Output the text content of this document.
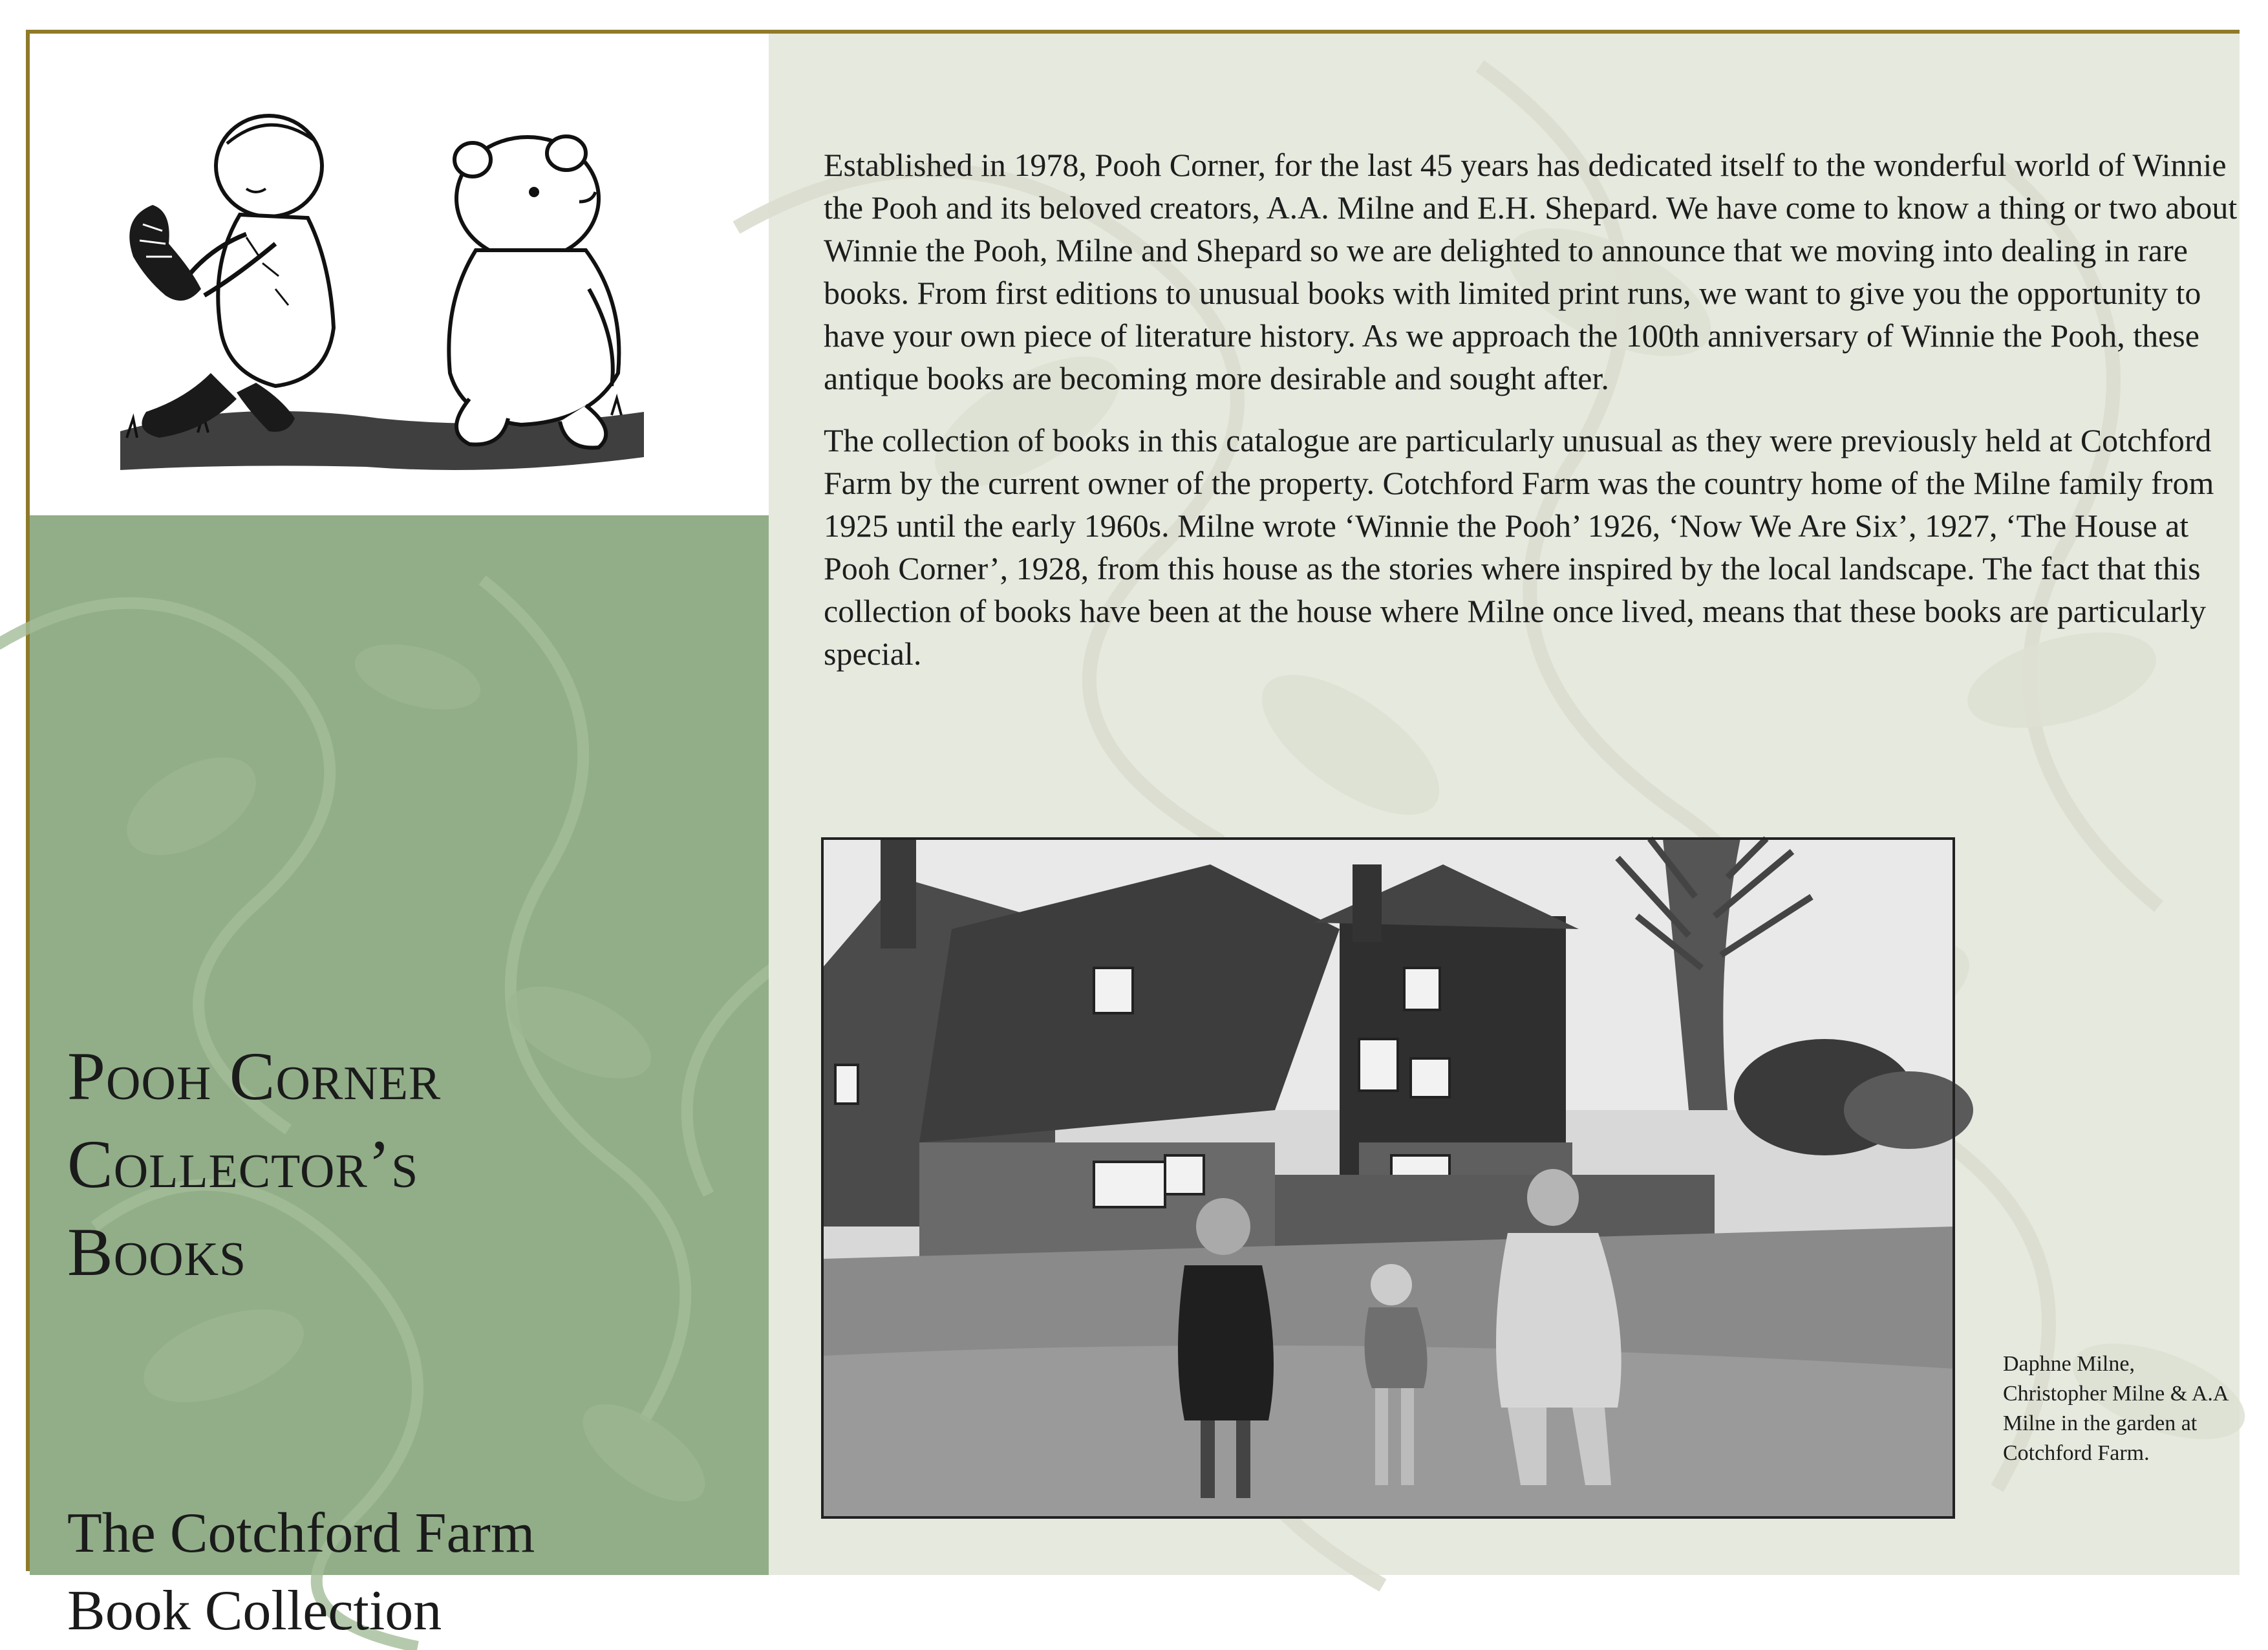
Pooh Corner
Collector’s
Books
The Cotchford Farm
Book Collection

Established in 1978, Pooh Corner, for the last 45 years has dedicated itself to the wonderful world of Winnie the Pooh and its beloved creators, A.A. Milne and E.H. Shepard. We have come to know a thing or two about Winnie the Pooh, Milne and Shepard so we are delighted to announce that we moving into dealing in rare books. From first editions to unusual books with limited print runs, we want to give you the opportunity to have your own piece of literature history. As we approach the 100th anniversary of Winnie the Pooh, these antique books are becoming more desirable and sought after.

The collection of books in this catalogue are particularly unusual as they were previously held at Cotchford Farm by the current owner of the property. Cotchford Farm was the country home of the Milne family from 1925 until the early 1960s. Milne wrote ‘Winnie the Pooh’ 1926, ‘Now We Are Six’, 1927, ‘The House at Pooh Corner’, 1928, from this house as the stories where inspired by the local landscape. The fact that this collection of books have been at the house where Milne once lived, means that these books are particularly special.

Daphne Milne, Christopher Milne & A.A Milne in the garden at Cotchford Farm.
